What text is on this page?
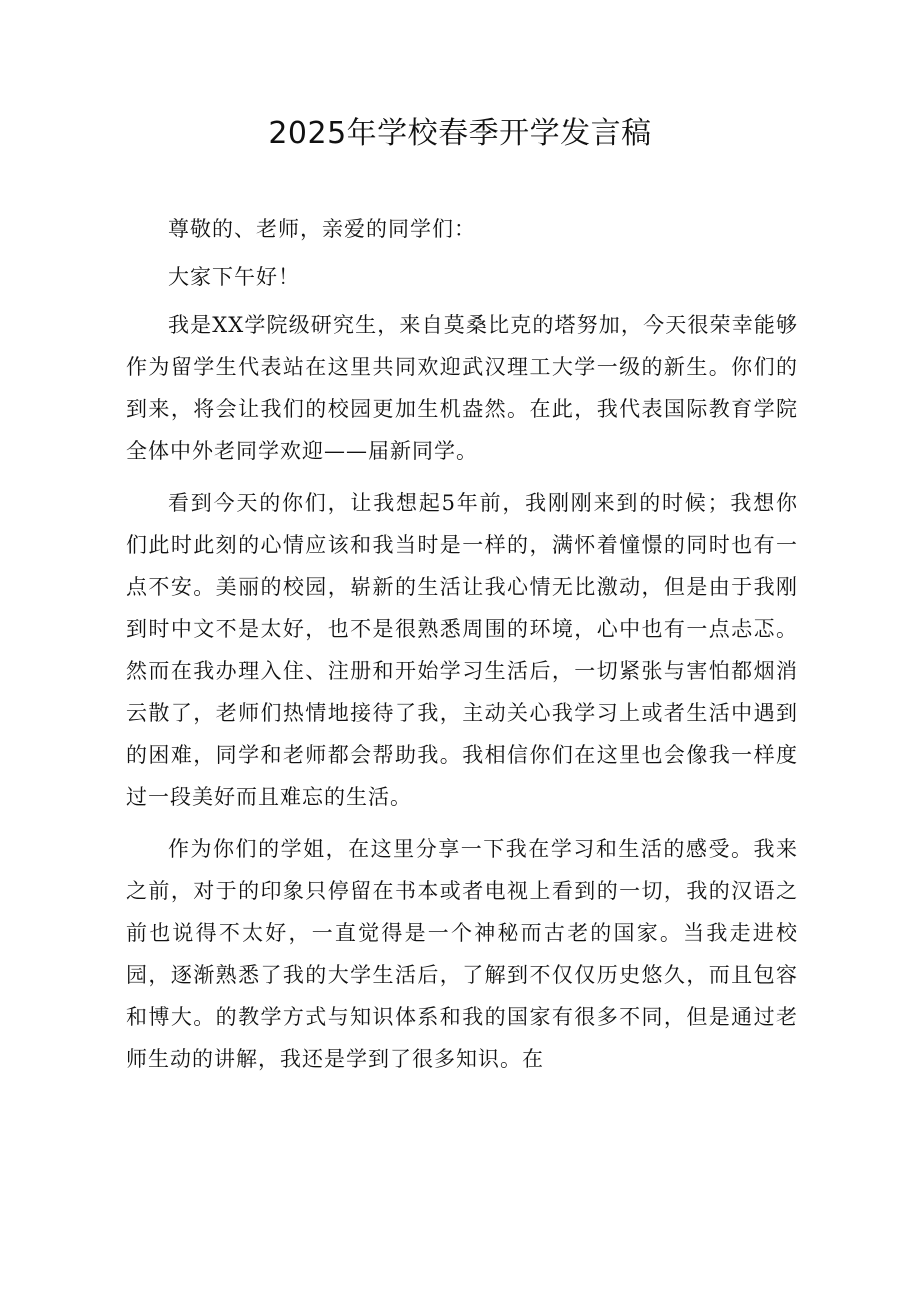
2025年学校春季开学发言稿

尊敬的、老师，亲爱的同学们：

大家下午好！

我是XX学院级研究生，来自莫桑比克的塔努加，今天很荣幸能够作为留学生代表站在这里共同欢迎武汉理工大学一级的新生。你们的到来，将会让我们的校园更加生机盎然。在此，我代表国际教育学院全体中外老同学欢迎——届新同学。

看到今天的你们，让我想起5年前，我刚刚来到的时候；我想你们此时此刻的心情应该和我当时是一样的，满怀着憧憬的同时也有一点不安。美丽的校园，崭新的生活让我心情无比激动，但是由于我刚到时中文不是太好，也不是很熟悉周围的环境，心中也有一点忐忑。然而在我办理入住、注册和开始学习生活后，一切紧张与害怕都烟消云散了，老师们热情地接待了我，主动关心我学习上或者生活中遇到的困难，同学和老师都会帮助我。我相信你们在这里也会像我一样度过一段美好而且难忘的生活。

作为你们的学姐，在这里分享一下我在学习和生活的感受。我来之前，对于的印象只停留在书本或者电视上看到的一切，我的汉语之前也说得不太好，一直觉得是一个神秘而古老的国家。当我走进校园，逐渐熟悉了我的大学生活后，了解到不仅仅历史悠久，而且包容和博大。的教学方式与知识体系和我的国家有很多不同，但是通过老师生动的讲解，我还是学到了很多知识。在
